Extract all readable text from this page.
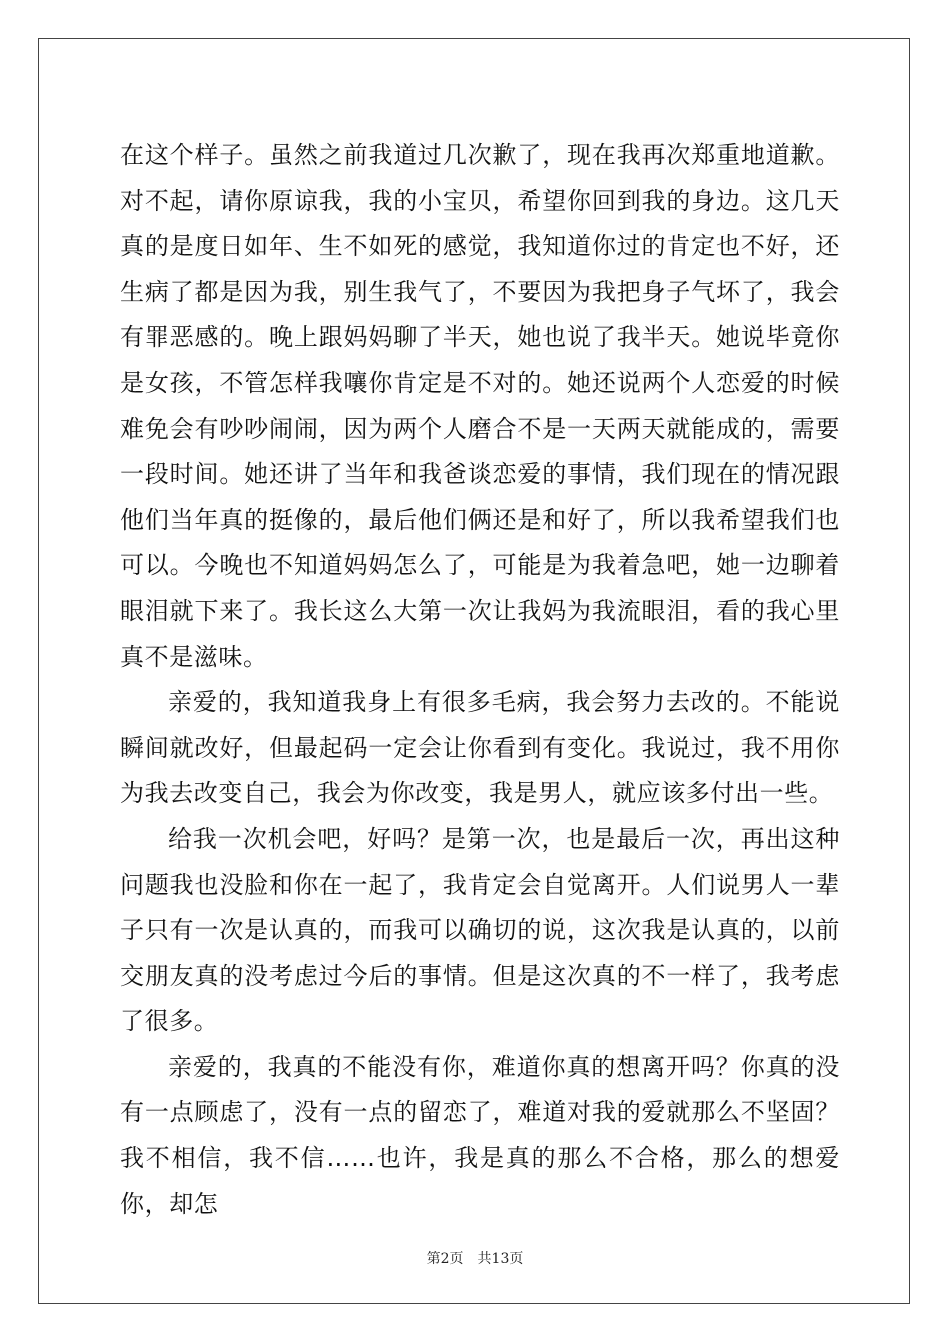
在这个样子。虽然之前我道过几次歉了，现在我再次郑重地道歉。对不起，请你原谅我，我的小宝贝，希望你回到我的身边。这几天真的是度日如年、生不如死的感觉，我知道你过的肯定也不好，还生病了都是因为我，别生我气了，不要因为我把身子气坏了，我会有罪恶感的。晚上跟妈妈聊了半天，她也说了我半天。她说毕竟你是女孩，不管怎样我嚷你肯定是不对的。她还说两个人恋爱的时候难免会有吵吵闹闹，因为两个人磨合不是一天两天就能成的，需要一段时间。她还讲了当年和我爸谈恋爱的事情，我们现在的情况跟他们当年真的挺像的，最后他们俩还是和好了，所以我希望我们也可以。今晚也不知道妈妈怎么了，可能是为我着急吧，她一边聊着眼泪就下来了。我长这么大第一次让我妈为我流眼泪，看的我心里真不是滋味。

亲爱的，我知道我身上有很多毛病，我会努力去改的。不能说瞬间就改好，但最起码一定会让你看到有变化。我说过，我不用你为我去改变自己，我会为你改变，我是男人，就应该多付出一些。

给我一次机会吧，好吗？是第一次，也是最后一次，再出这种问题我也没脸和你在一起了，我肯定会自觉离开。人们说男人一辈子只有一次是认真的，而我可以确切的说，这次我是认真的，以前交朋友真的没考虑过今后的事情。但是这次真的不一样了，我考虑了很多。

亲爱的，我真的不能没有你，难道你真的想离开吗？你真的没有一点顾虑了，没有一点的留恋了，难道对我的爱就那么不坚固？我不相信，我不信……也许，我是真的那么不合格，那么的想爱你，却怎

第2页 共13页
